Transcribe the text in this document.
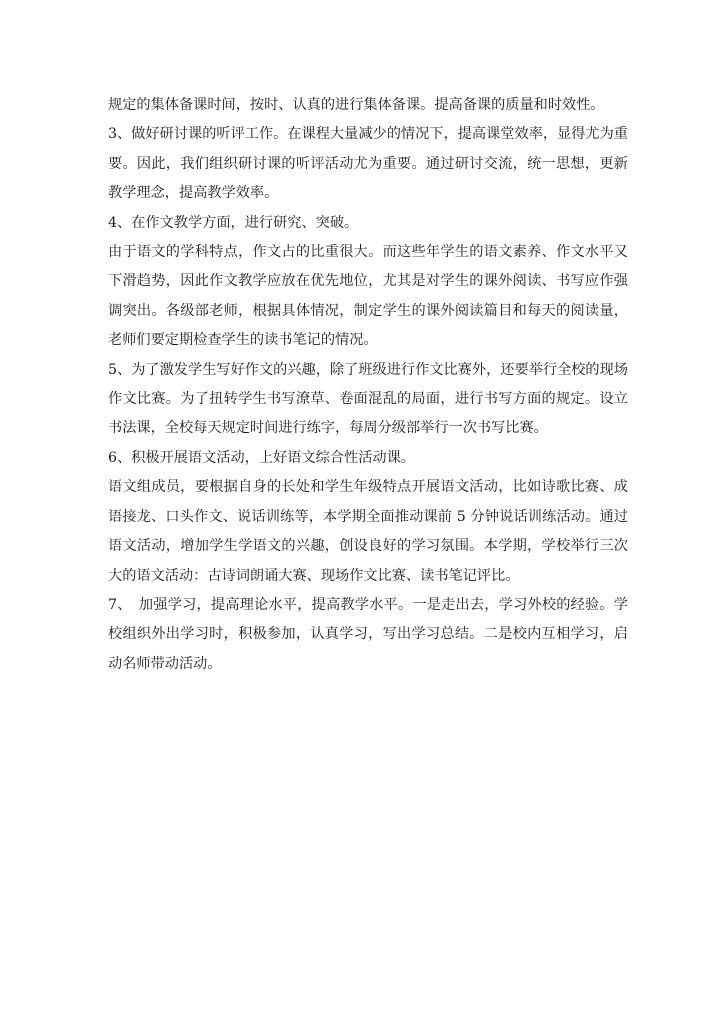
规定的集体备课时间，按时、认真的进行集体备课。提高备课的质量和时效性。

3、做好研讨课的听评工作。在课程大量减少的情况下，提高课堂效率，显得尤为重要。因此，我们组织研讨课的听评活动尤为重要。通过研讨交流，统一思想，更新教学理念，提高教学效率。

4、在作文教学方面，进行研究、突破。

由于语文的学科特点，作文占的比重很大。而这些年学生的语文素养、作文水平又下滑趋势，因此作文教学应放在优先地位，尤其是对学生的课外阅读、书写应作强调突出。各级部老师，根据具体情况，制定学生的课外阅读篇目和每天的阅读量，老师们要定期检查学生的读书笔记的情况。

5、为了激发学生写好作文的兴趣，除了班级进行作文比赛外，还要举行全校的现场作文比赛。为了扭转学生书写潦草、卷面混乱的局面，进行书写方面的规定。设立书法课，全校每天规定时间进行练字，每周分级部举行一次书写比赛。

6、积极开展语文活动，上好语文综合性活动课。

语文组成员，要根据自身的长处和学生年级特点开展语文活动，比如诗歌比赛、成语接龙、口头作文、说话训练等，本学期全面推动课前 5 分钟说话训练活动。通过语文活动，增加学生学语文的兴趣，创设良好的学习氛围。本学期，学校举行三次大的语文活动：古诗词朗诵大赛、现场作文比赛、读书笔记评比。

7、　加强学习，提高理论水平，提高教学水平。一是走出去，学习外校的经验。学校组织外出学习时，积极参加，认真学习，写出学习总结。二是校内互相学习，启动名师带动活动。
